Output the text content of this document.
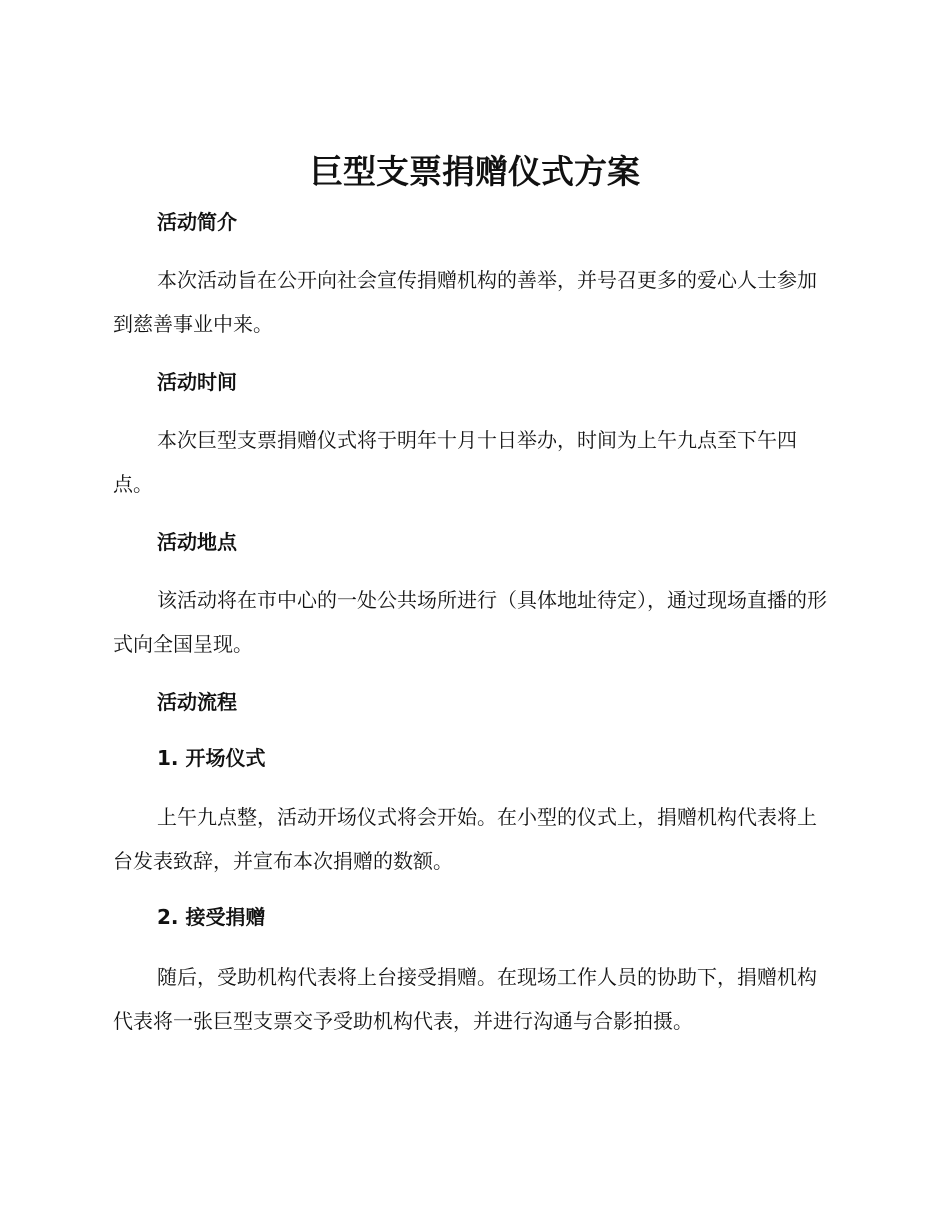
巨型支票捐赠仪式方案
活动简介
本次活动旨在公开向社会宣传捐赠机构的善举，并号召更多的爱心人士参加到慈善事业中来。
活动时间
本次巨型支票捐赠仪式将于明年十月十日举办，时间为上午九点至下午四点。
活动地点
该活动将在市中心的一处公共场所进行（具体地址待定），通过现场直播的形式向全国呈现。
活动流程
1. 开场仪式
上午九点整，活动开场仪式将会开始。在小型的仪式上，捐赠机构代表将上台发表致辞，并宣布本次捐赠的数额。
2. 接受捐赠
随后，受助机构代表将上台接受捐赠。在现场工作人员的协助下，捐赠机构代表将一张巨型支票交予受助机构代表，并进行沟通与合影拍摄。
